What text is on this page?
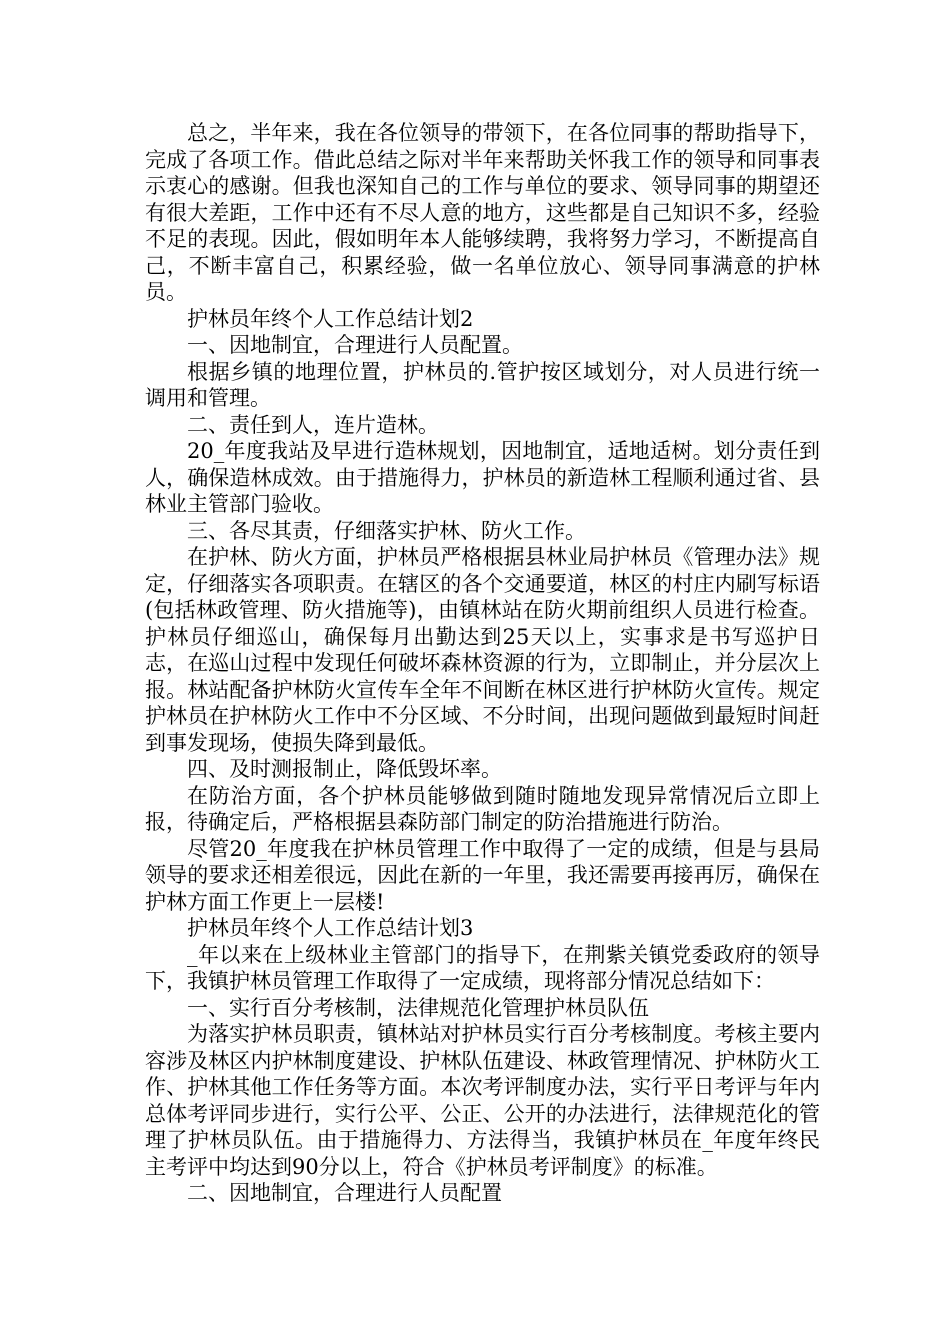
总之，半年来，我在各位领导的带领下，在各位同事的帮助指导下，完成了各项工作。借此总结之际对半年来帮助关怀我工作的领导和同事表示衷心的感谢。但我也深知自己的工作与单位的要求、领导同事的期望还有很大差距，工作中还有不尽人意的地方，这些都是自己知识不多，经验不足的表现。因此，假如明年本人能够续聘，我将努力学习，不断提高自己，不断丰富自己，积累经验，做一名单位放心、领导同事满意的护林员。

护林员年终个人工作总结计划2

一、因地制宜，合理进行人员配置。

根据乡镇的地理位置，护林员的.管护按区域划分，对人员进行统一调用和管理。

二、责任到人，连片造林。

20_年度我站及早进行造林规划，因地制宜，适地适树。划分责任到人，确保造林成效。由于措施得力，护林员的新造林工程顺利通过省、县林业主管部门验收。

三、各尽其责，仔细落实护林、防火工作。

在护林、防火方面，护林员严格根据县林业局护林员《管理办法》规定，仔细落实各项职责。在辖区的各个交通要道，林区的村庄内刷写标语(包括林政管理、防火措施等)，由镇林站在防火期前组织人员进行检查。护林员仔细巡山，确保每月出勤达到25天以上，实事求是书写巡护日志，在巡山过程中发现任何破坏森林资源的行为，立即制止，并分层次上报。林站配备护林防火宣传车全年不间断在林区进行护林防火宣传。规定护林员在护林防火工作中不分区域、不分时间，出现问题做到最短时间赶到事发现场，使损失降到最低。

四、及时测报制止，降低毁坏率。

在防治方面，各个护林员能够做到随时随地发现异常情况后立即上报，待确定后，严格根据县森防部门制定的防治措施进行防治。

尽管20_年度我在护林员管理工作中取得了一定的成绩，但是与县局领导的要求还相差很远，因此在新的一年里，我还需要再接再厉，确保在护林方面工作更上一层楼!

护林员年终个人工作总结计划3

_年以来在上级林业主管部门的指导下，在荆紫关镇党委政府的领导下，我镇护林员管理工作取得了一定成绩，现将部分情况总结如下：

一、实行百分考核制，法律规范化管理护林员队伍

为落实护林员职责，镇林站对护林员实行百分考核制度。考核主要内容涉及林区内护林制度建设、护林队伍建设、林政管理情况、护林防火工作、护林其他工作任务等方面。本次考评制度办法，实行平日考评与年内总体考评同步进行，实行公平、公正、公开的办法进行，法律规范化的管理了护林员队伍。由于措施得力、方法得当，我镇护林员在_年度年终民主考评中均达到90分以上，符合《护林员考评制度》的标准。

二、因地制宜，合理进行人员配置
